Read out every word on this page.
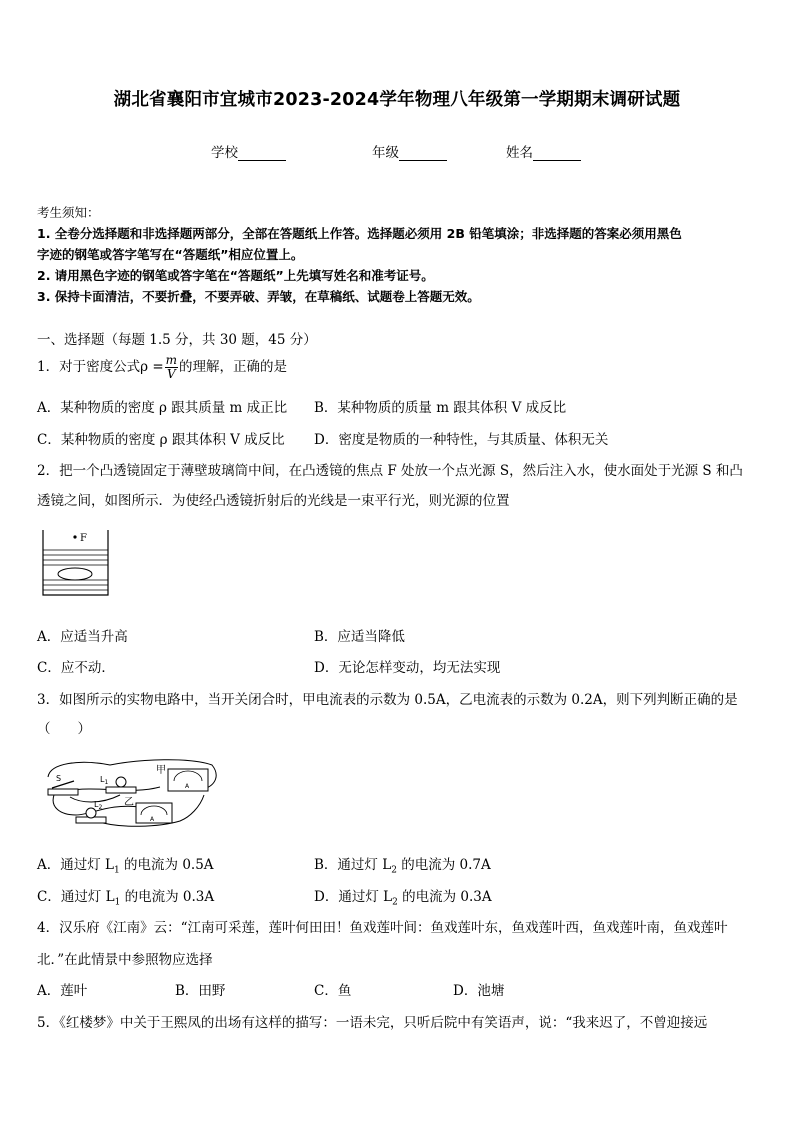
湖北省襄阳市宜城市2023-2024学年物理八年级第一学期期末调研试题
学校	年级	姓名
考生须知：
1. 全卷分选择题和非选择题两部分，全部在答题纸上作答。选择题必须用 2B 铅笔填涂；非选择题的答案必须用黑色
字迹的钢笔或答字笔写在“答题纸”相应位置上。
2. 请用黑色字迹的钢笔或答字笔在“答题纸”上先填写姓名和准考证号。
3. 保持卡面清洁，不要折叠，不要弄破、弄皱，在草稿纸、试题卷上答题无效。
一、选择题（每题 1.5 分，共 30 题，45 分）
1．对于密度公式$\rho = \frac{m}{V}$ 的理解，正确的是
A．某种物质的密度 ρ 跟其质量 m 成正比 B．某种物质的质量 m 跟其体积 V 成反比
C．某种物质的密度 ρ 跟其体积 V 成反比 D．密度是物质的一种特性，与其质量、体积无关
2．把一个凸透镜固定于薄壁玻璃筒中间，在凸透镜的焦点 F 处放一个点光源 S，然后注入水，使水面处于光源 S 和凸
透镜之间，如图所示．为使经凸透镜折射后的光线是一束平行光，则光源的位置
F
A．应适当升高	B．应适当降低
C．应不动．	D．无论怎样变动，均无法实现
3．如图所示的实物电路中，当开关闭合时，甲电流表的示数为 0.5A，乙电流表的示数为 0.2A，则下列判断正确的是
（　　）
S	$L_1$
A
甲
$L_2$
A
乙
A．通过灯 $L_1$ 的电流为 0.5A	B．通过灯 $L_2$ 的电流为 0.7A
C．通过灯 $L_1$ 的电流为 0.3A	D．通过灯 $L_2$ 的电流为 0.3A
4．汉乐府《江南》云：“江南可采莲，莲叶何田田！鱼戏莲叶间：鱼戏莲叶东，鱼戏莲叶西，鱼戏莲叶南，鱼戏莲叶
北．”在此情景中参照物应选择
A．莲叶	B．田野	C．鱼	D．池塘
5．《红楼梦》中关于王熙凤的出场有这样的描写：一语未完，只听后院中有笑语声，说：“我来迟了，不曾迎接远
